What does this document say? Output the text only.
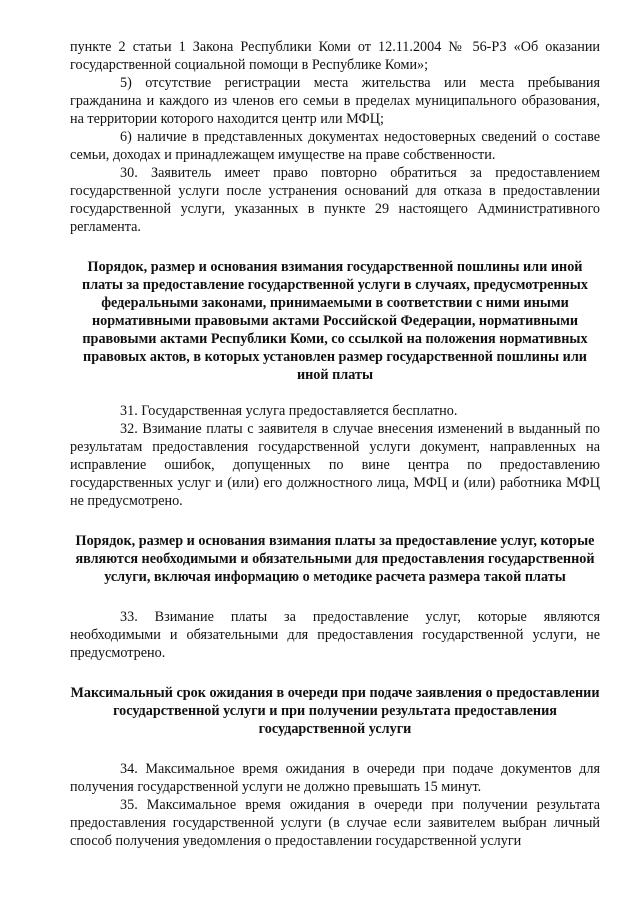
пункте 2 статьи 1 Закона Республики Коми от 12.11.2004 № 56-РЗ «Об оказании государственной социальной помощи в Республике Коми»;

5) отсутствие регистрации места жительства или места пребывания гражданина и каждого из членов его семьи в пределах муниципального образования, на территории которого находится центр или МФЦ;

6) наличие в представленных документах недостоверных сведений о составе семьи, доходах и принадлежащем имуществе на праве собственности.

30. Заявитель имеет право повторно обратиться за предоставлением государственной услуги после устранения оснований для отказа в предоставлении государственной услуги, указанных в пункте 29 настоящего Административного регламента.

Порядок, размер и основания взимания государственной пошлины или иной платы за предоставление государственной услуги в случаях, предусмотренных федеральными законами, принимаемыми в соответствии с ними иными нормативными правовыми актами Российской Федерации, нормативными правовыми актами Республики Коми, со ссылкой на положения нормативных правовых актов, в которых установлен размер государственной пошлины или иной платы

31. Государственная услуга предоставляется бесплатно.

32. Взимание платы с заявителя в случае внесения изменений в выданный по результатам предоставления государственной услуги документ, направленных на исправление ошибок, допущенных по вине центра по предоставлению государственных услуг и (или) его должностного лица, МФЦ и (или) работника МФЦ не предусмотрено.

Порядок, размер и основания взимания платы за предоставление услуг, которые являются необходимыми и обязательными для предоставления государственной услуги, включая информацию о методике расчета размера такой платы

33. Взимание платы за предоставление услуг, которые являются необходимыми и обязательными для предоставления государственной услуги, не предусмотрено.

Максимальный срок ожидания в очереди при подаче заявления о предоставлении государственной услуги и при получении результата предоставления государственной услуги

34. Максимальное время ожидания в очереди при подаче документов для получения государственной услуги не должно превышать 15 минут.

35. Максимальное время ожидания в очереди при получении результата предоставления государственной услуги (в случае если заявителем выбран личный способ получения уведомления о предоставлении государственной услуги
